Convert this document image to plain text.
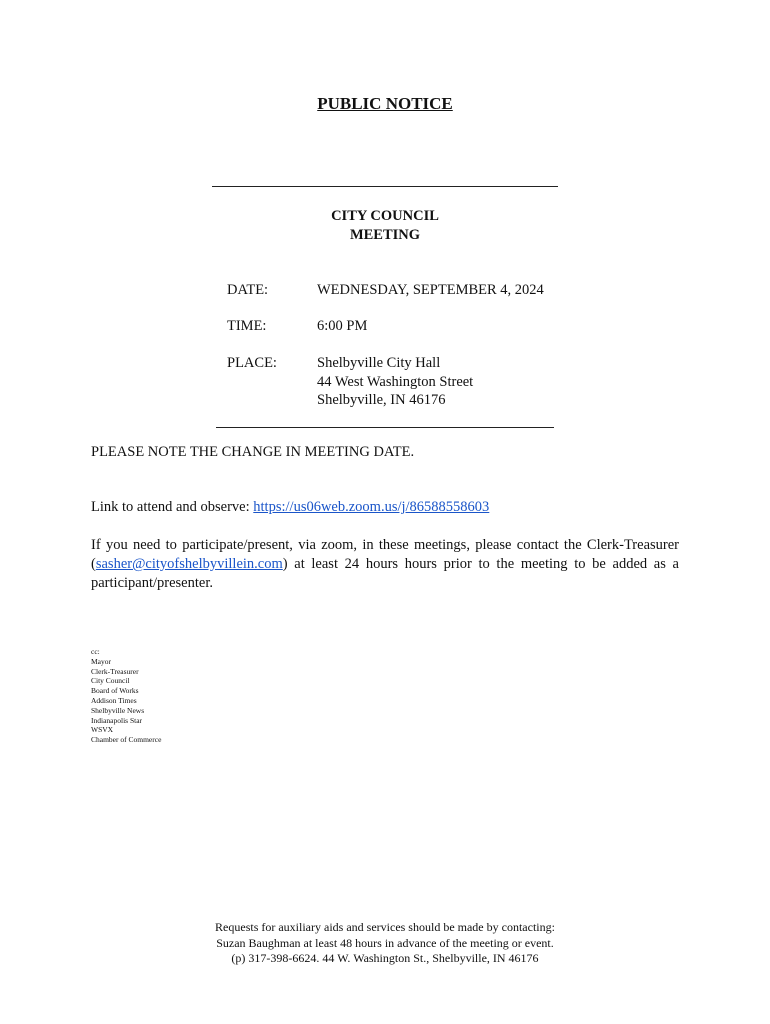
PUBLIC NOTICE
CITY COUNCIL
MEETING
DATE:	WEDNESDAY, SEPTEMBER 4, 2024
TIME:	6:00 PM
PLACE:	Shelbyville City Hall
44 West Washington Street
Shelbyville, IN 46176
PLEASE NOTE THE CHANGE IN MEETING DATE.
Link to attend and observe: https://us06web.zoom.us/j/86588558603
If you need to participate/present, via zoom, in these meetings, please contact the Clerk-Treasurer (sasher@cityofshelbyvillein.com) at least 24 hours hours prior to the meeting to be added as a participant/presenter.
cc:
Mayor
Clerk-Treasurer
City Council
Board of Works
Addison Times
Shelbyville News
Indianapolis Star
WSVX
Chamber of Commerce
Requests for auxiliary aids and services should be made by contacting:
Suzan Baughman at least 48 hours in advance of the meeting or event.
(p) 317-398-6624. 44 W. Washington St., Shelbyville, IN 46176
